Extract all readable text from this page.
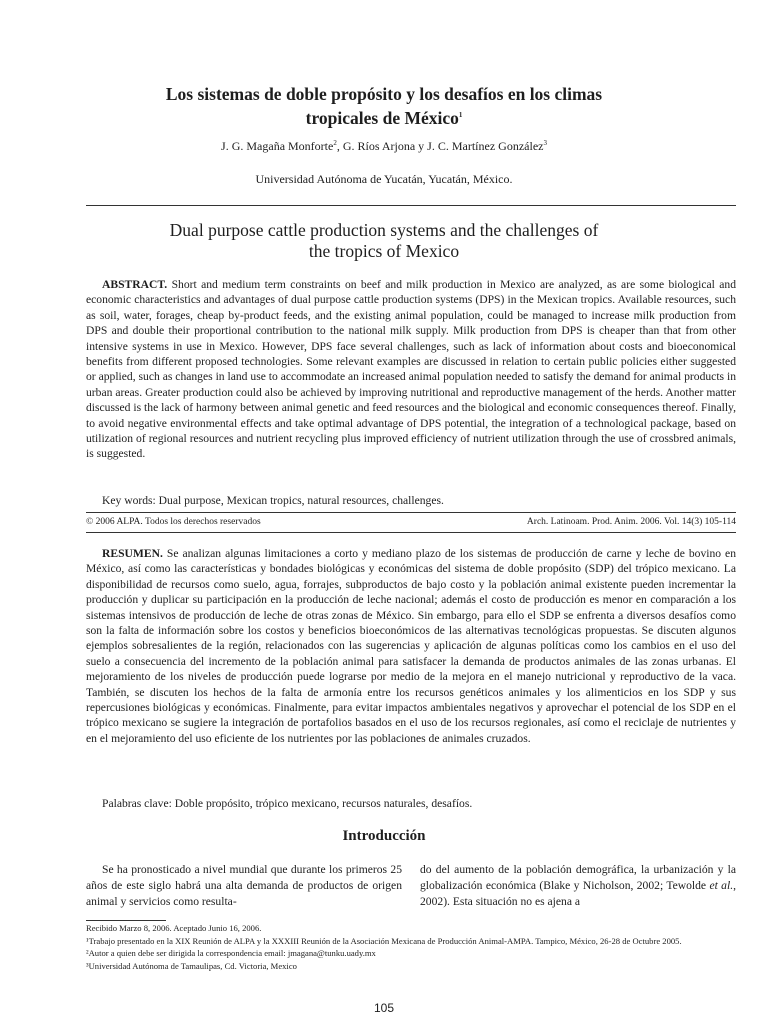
Los sistemas de doble propósito y los desafíos en los climas
tropicales de México$^1$
J. G. Magaña Monforte$^2$, G. Ríos Arjona y J. C. Martínez González$^3$
Universidad Autónoma de Yucatán, Yucatán, México.
Dual purpose cattle production systems and the challenges of
the tropics of Mexico
ABSTRACT. Short and medium term constraints on beef and milk production in Mexico are analyzed, as are some biological and economic characteristics and advantages of dual purpose cattle production systems (DPS) in the Mexican tropics. Available resources, such as soil, water, forages, cheap by-product feeds, and the existing animal population, could be managed to increase milk production from DPS and double their proportional contribution to the national milk supply. Milk production from DPS is cheaper than that from other intensive systems in use in Mexico. However, DPS face several challenges, such as lack of information about costs and bioeconomical benefits from different proposed technologies. Some relevant examples are discussed in relation to certain public policies either suggested or applied, such as changes in land use to accommodate an increased animal population needed to satisfy the demand for animal products in urban areas. Greater production could also be achieved by improving nutritional and reproductive management of the herds. Another matter discussed is the lack of harmony between animal genetic and feed resources and the biological and economic consequences thereof. Finally, to avoid negative environmental effects and take optimal advantage of DPS potential, the integration of a technological package, based on utilization of regional resources and nutrient recycling plus improved efficiency of nutrient utilization through the use of crossbred animals, is suggested.
Key words: Dual purpose, Mexican tropics, natural resources, challenges.
© 2006 ALPA. Todos los derechos reservados	Arch. Latinoam. Prod. Anim. 2006. Vol. 14(3) 105-114
RESUMEN. Se analizan algunas limitaciones a corto y mediano plazo de los sistemas de producción de carne y leche de bovino en México, así como las características y bondades biológicas y económicas del sistema de doble propósito (SDP) del trópico mexicano. La disponibilidad de recursos como suelo, agua, forrajes, subproductos de bajo costo y la población animal existente pueden incrementar la producción y duplicar su participación en la producción de leche nacional; además el costo de producción es menor en comparación a los sistemas intensivos de producción de leche de otras zonas de México. Sin embargo, para ello el SDP se enfrenta a diversos desafíos como son la falta de información sobre los costos y beneficios bioeconómicos de las alternativas tecnológicas propuestas. Se discuten algunos ejemplos sobresalientes de la región, relacionados con las sugerencias y aplicación de algunas políticas como los cambios en el uso del suelo a consecuencia del incremento de la población animal para satisfacer la demanda de productos animales de las zonas urbanas. El mejoramiento de los niveles de producción puede lograrse por medio de la mejora en el manejo nutricional y reproductivo de la vaca. También, se discuten los hechos de la falta de armonía entre los recursos genéticos animales y los alimenticios en los SDP y sus repercusiones biológicas y económicas. Finalmente, para evitar impactos ambientales negativos y aprovechar el potencial de los SDP en el trópico mexicano se sugiere la integración de portafolios basados en el uso de los recursos regionales, así como el reciclaje de nutrientes y en el mejoramiento del uso eficiente de los nutrientes por las poblaciones de animales cruzados.
Palabras clave: Doble propósito, trópico mexicano, recursos naturales, desafíos.
Introducción
Se ha pronosticado a nivel mundial que durante los primeros 25 años de este siglo habrá una alta demanda de productos de origen animal y servicios como resulta-
do del aumento de la población demográfica, la urbanización y la globalización económica (Blake y Nicholson, 2002; Tewolde et al., 2002). Esta situación no es ajena a
Recibido Marzo 8, 2006. Aceptado Junio 16, 2006.
¹Trabajo presentado en la XIX Reunión de ALPA y la XXXIII Reunión de la Asociación Mexicana de Producción Animal-AMPA. Tampico, México, 26-28 de Octubre 2005.
²Autor a quien debe ser dirigida la correspondencia email: jmagana@tunku.uady.mx
³Universidad Autónoma de Tamaulipas, Cd. Victoria, Mexico
105
